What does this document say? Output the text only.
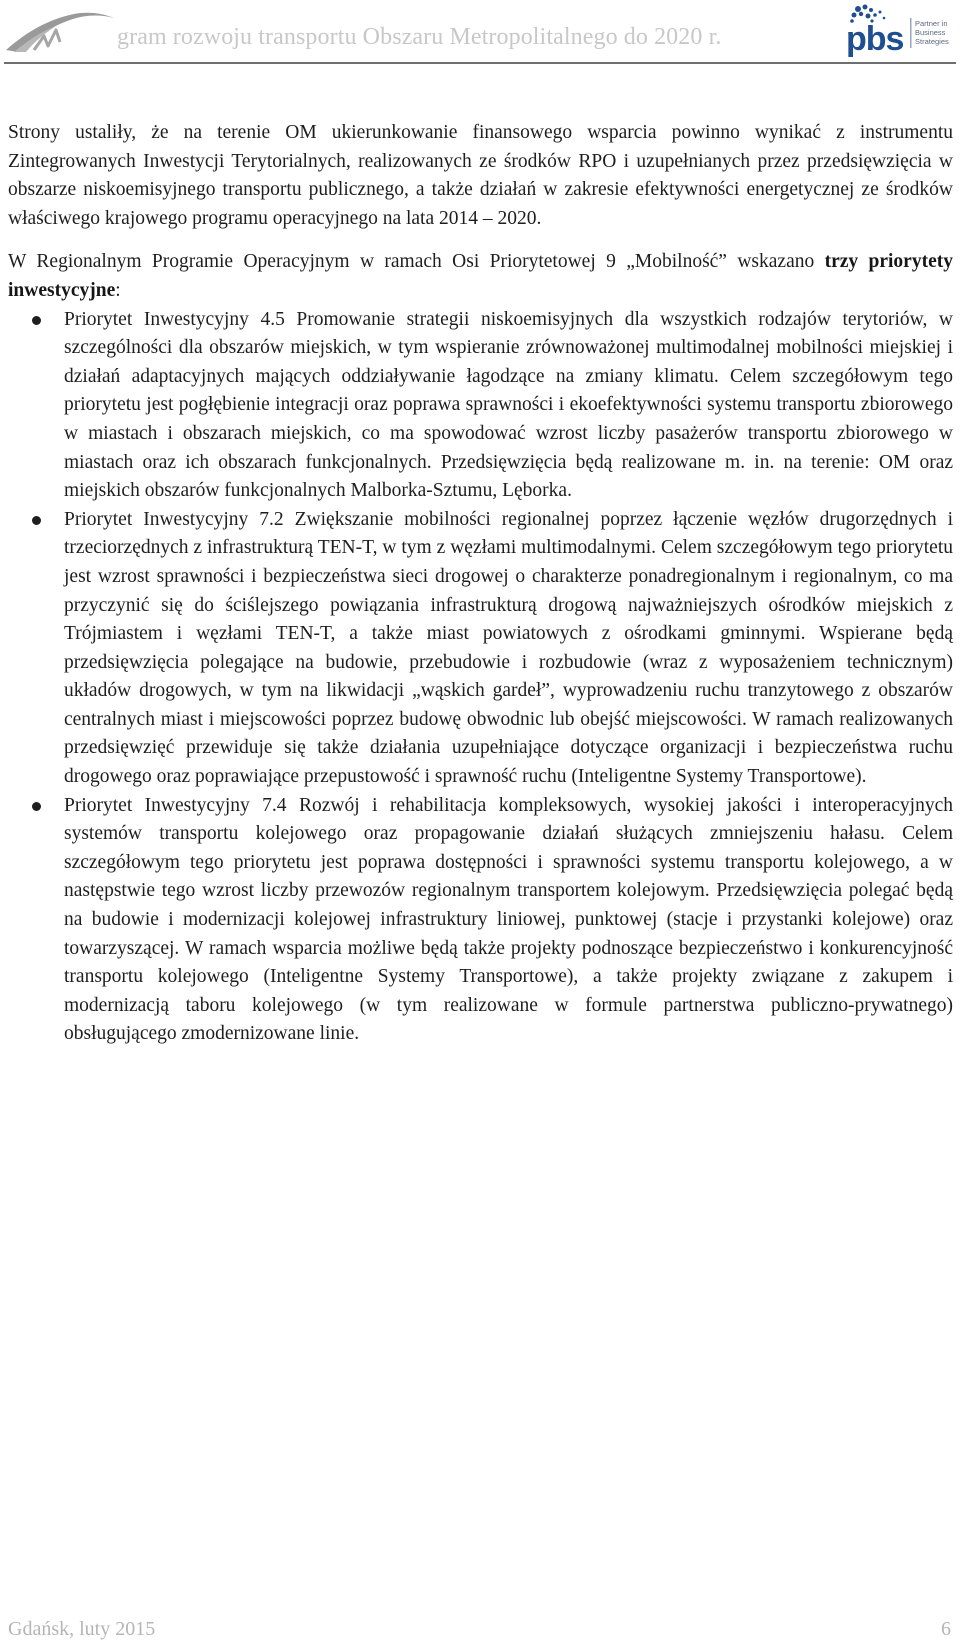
gram rozwoju transportu Obszaru Metropolitalnego do 2020 r.	pbs Partner in
Business
Strategies

Strony ustaliły, że na terenie OM ukierunkowanie finansowego wsparcia powinno wynikać z instrumentu Zintegrowanych Inwestycji Terytorialnych, realizowanych ze środków RPO i uzupełnianych przez przedsięwzięcia w obszarze niskoemisyjnego transportu publicznego, a także działań w zakresie efektywności energetycznej ze środków właściwego krajowego programu operacyjnego na lata 2014 – 2020.

W Regionalnym Programie Operacyjnym w ramach Osi Priorytetowej 9 „Mobilność” wskazano trzy priorytety inwestycyjne:

Priorytet Inwestycyjny 4.5 Promowanie strategii niskoemisyjnych dla wszystkich rodzajów terytoriów, w szczególności dla obszarów miejskich, w tym wspieranie zrównoważonej multimodalnej mobilności miejskiej i działań adaptacyjnych mających oddziaływanie łagodzące na zmiany klimatu. Celem szczegółowym tego priorytetu jest pogłębienie integracji oraz poprawa sprawności i ekoefektywności systemu transportu zbiorowego w miastach i obszarach miejskich, co ma spowodować wzrost liczby pasażerów transportu zbiorowego w miastach oraz ich obszarach funkcjonalnych. Przedsięwzięcia będą realizowane m. in. na terenie: OM oraz miejskich obszarów funkcjonalnych Malborka-Sztumu, Lęborka.
Priorytet Inwestycyjny 7.2 Zwiększanie mobilności regionalnej poprzez łączenie węzłów drugorzędnych i trzeciorzędnych z infrastrukturą TEN-T, w tym z węzłami multimodalnymi. Celem szczegółowym tego priorytetu jest wzrost sprawności i bezpieczeństwa sieci drogowej o charakterze ponadregionalnym i regionalnym, co ma przyczynić się do ściślejszego powiązania infrastrukturą drogową najważniejszych ośrodków miejskich z Trójmiastem i węzłami TEN-T, a także miast powiatowych z ośrodkami gminnymi. Wspierane będą przedsięwzięcia polegające na budowie, przebudowie i rozbudowie (wraz z wyposażeniem technicznym) układów drogowych, w tym na likwidacji „wąskich gardeł”, wyprowadzeniu ruchu tranzytowego z obszarów centralnych miast i miejscowości poprzez budowę obwodnic lub obejść miejscowości. W ramach realizowanych przedsięwzięć przewiduje się także działania uzupełniające dotyczące organizacji i bezpieczeństwa ruchu drogowego oraz poprawiające przepustowość i sprawność ruchu (Inteligentne Systemy Transportowe).
Priorytet Inwestycyjny 7.4 Rozwój i rehabilitacja kompleksowych, wysokiej jakości i interoperacyjnych systemów transportu kolejowego oraz propagowanie działań służących zmniejszeniu hałasu. Celem szczegółowym tego priorytetu jest poprawa dostępności i sprawności systemu transportu kolejowego, a w następstwie tego wzrost liczby przewozów regionalnym transportem kolejowym. Przedsięwzięcia polegać będą na budowie i modernizacji kolejowej infrastruktury liniowej, punktowej (stacje i przystanki kolejowe) oraz towarzyszącej. W ramach wsparcia możliwe będą także projekty podnoszące bezpieczeństwo i konkurencyjność transportu kolejowego (Inteligentne Systemy Transportowe), a także projekty związane z zakupem i modernizacją taboru kolejowego (w tym realizowane w formule partnerstwa publiczno-prywatnego) obsługującego zmodernizowane linie.
Gdańsk, luty 2015	6
